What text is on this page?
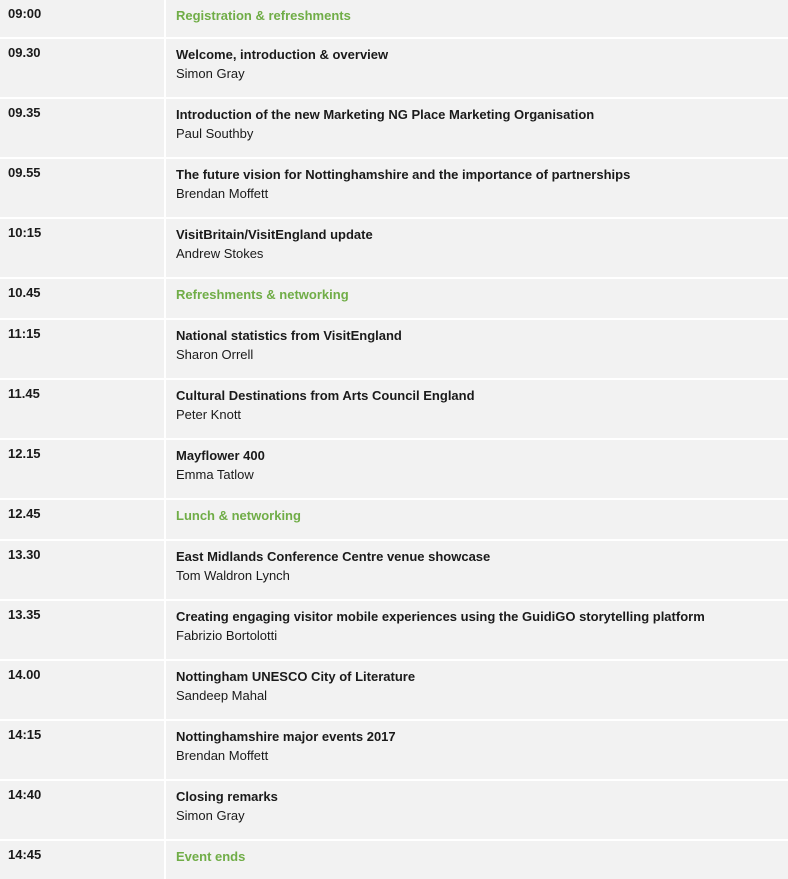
09:00	Registration & refreshments
09.30	Welcome, introduction & overview
Simon Gray
09.35	Introduction of the new Marketing NG Place Marketing Organisation
Paul Southby
09.55	The future vision for Nottinghamshire and the importance of partnerships
Brendan Moffett
10:15	VisitBritain/VisitEngland update
Andrew Stokes
10.45	Refreshments & networking
11:15	National statistics from VisitEngland
Sharon Orrell
11.45	Cultural Destinations from Arts Council England
Peter Knott
12.15	Mayflower 400
Emma Tatlow
12.45	Lunch & networking
13.30	East Midlands Conference Centre venue showcase
Tom Waldron Lynch
13.35	Creating engaging visitor mobile experiences using the GuidiGO storytelling platform
Fabrizio Bortolotti
14.00	Nottingham UNESCO City of Literature
Sandeep Mahal
14:15	Nottinghamshire major events 2017
Brendan Moffett
14:40	Closing remarks
Simon Gray
14:45	Event ends
